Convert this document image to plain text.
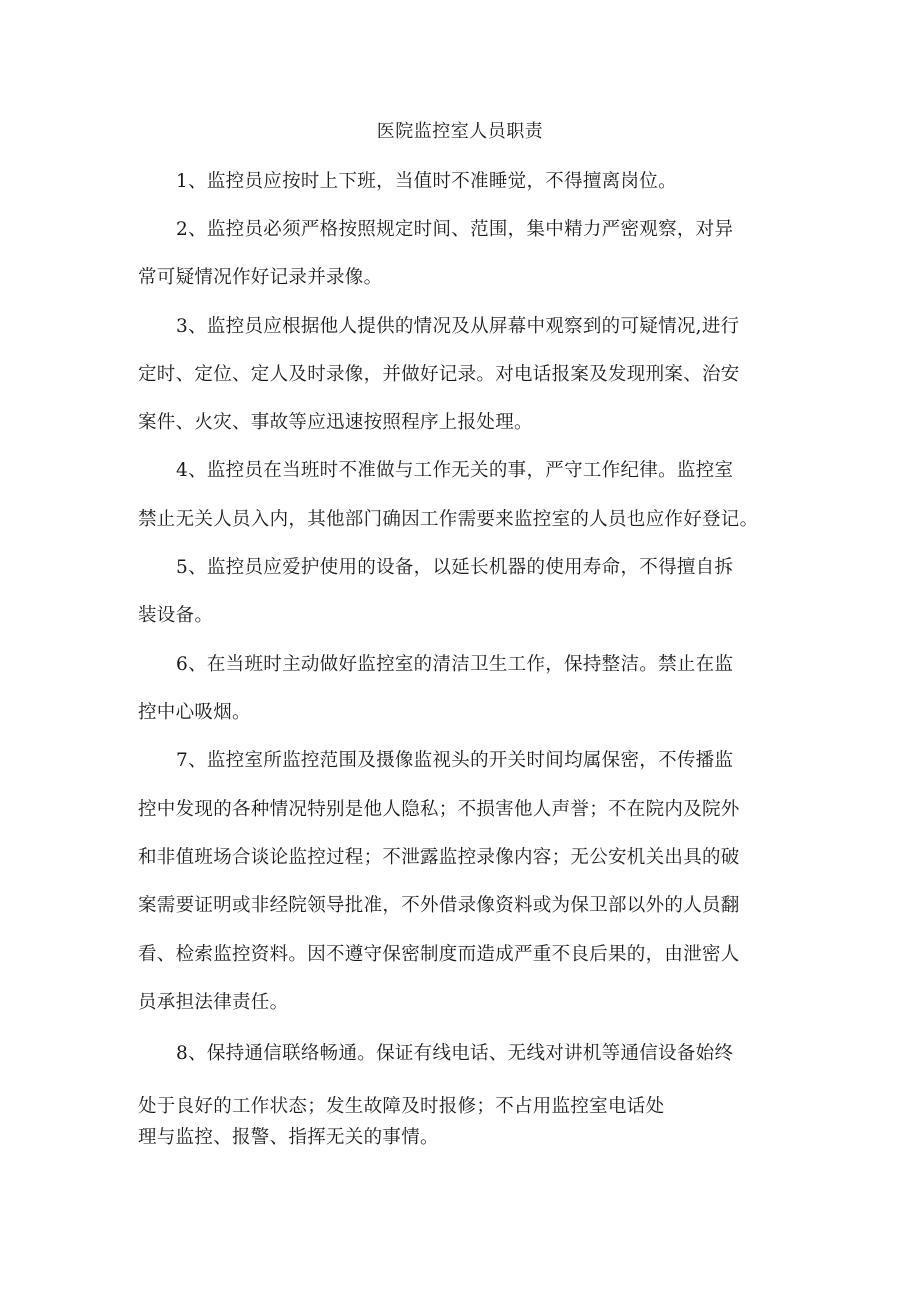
医院监控室人员职责
1、监控员应按时上下班，当值时不准睡觉，不得擅离岗位。
2、监控员必须严格按照规定时间、范围，集中精力严密观察，对异
常可疑情况作好记录并录像。
3、监控员应根据他人提供的情况及从屏幕中观察到的可疑情况,进行
定时、定位、定人及时录像，并做好记录。对电话报案及发现刑案、治安
案件、火灾、事故等应迅速按照程序上报处理。
4、监控员在当班时不准做与工作无关的事，严守工作纪律。监控室
禁止无关人员入内，其他部门确因工作需要来监控室的人员也应作好登记。
5、监控员应爱护使用的设备，以延长机器的使用寿命，不得擅自拆
装设备。
6、在当班时主动做好监控室的清洁卫生工作，保持整洁。禁止在监
控中心吸烟。
7、监控室所监控范围及摄像监视头的开关时间均属保密，不传播监
控中发现的各种情况特别是他人隐私；不损害他人声誉；不在院内及院外
和非值班场合谈论监控过程；不泄露监控录像内容；无公安机关出具的破
案需要证明或非经院领导批准，不外借录像资料或为保卫部以外的人员翻
看、检索监控资料。因不遵守保密制度而造成严重不良后果的，由泄密人
员承担法律责任。
8、保持通信联络畅通。保证有线电话、无线对讲机等通信设备始终
处于良好的工作状态；发生故障及时报修；不占用监控室电话处
理与监控、报警、指挥无关的事情。
